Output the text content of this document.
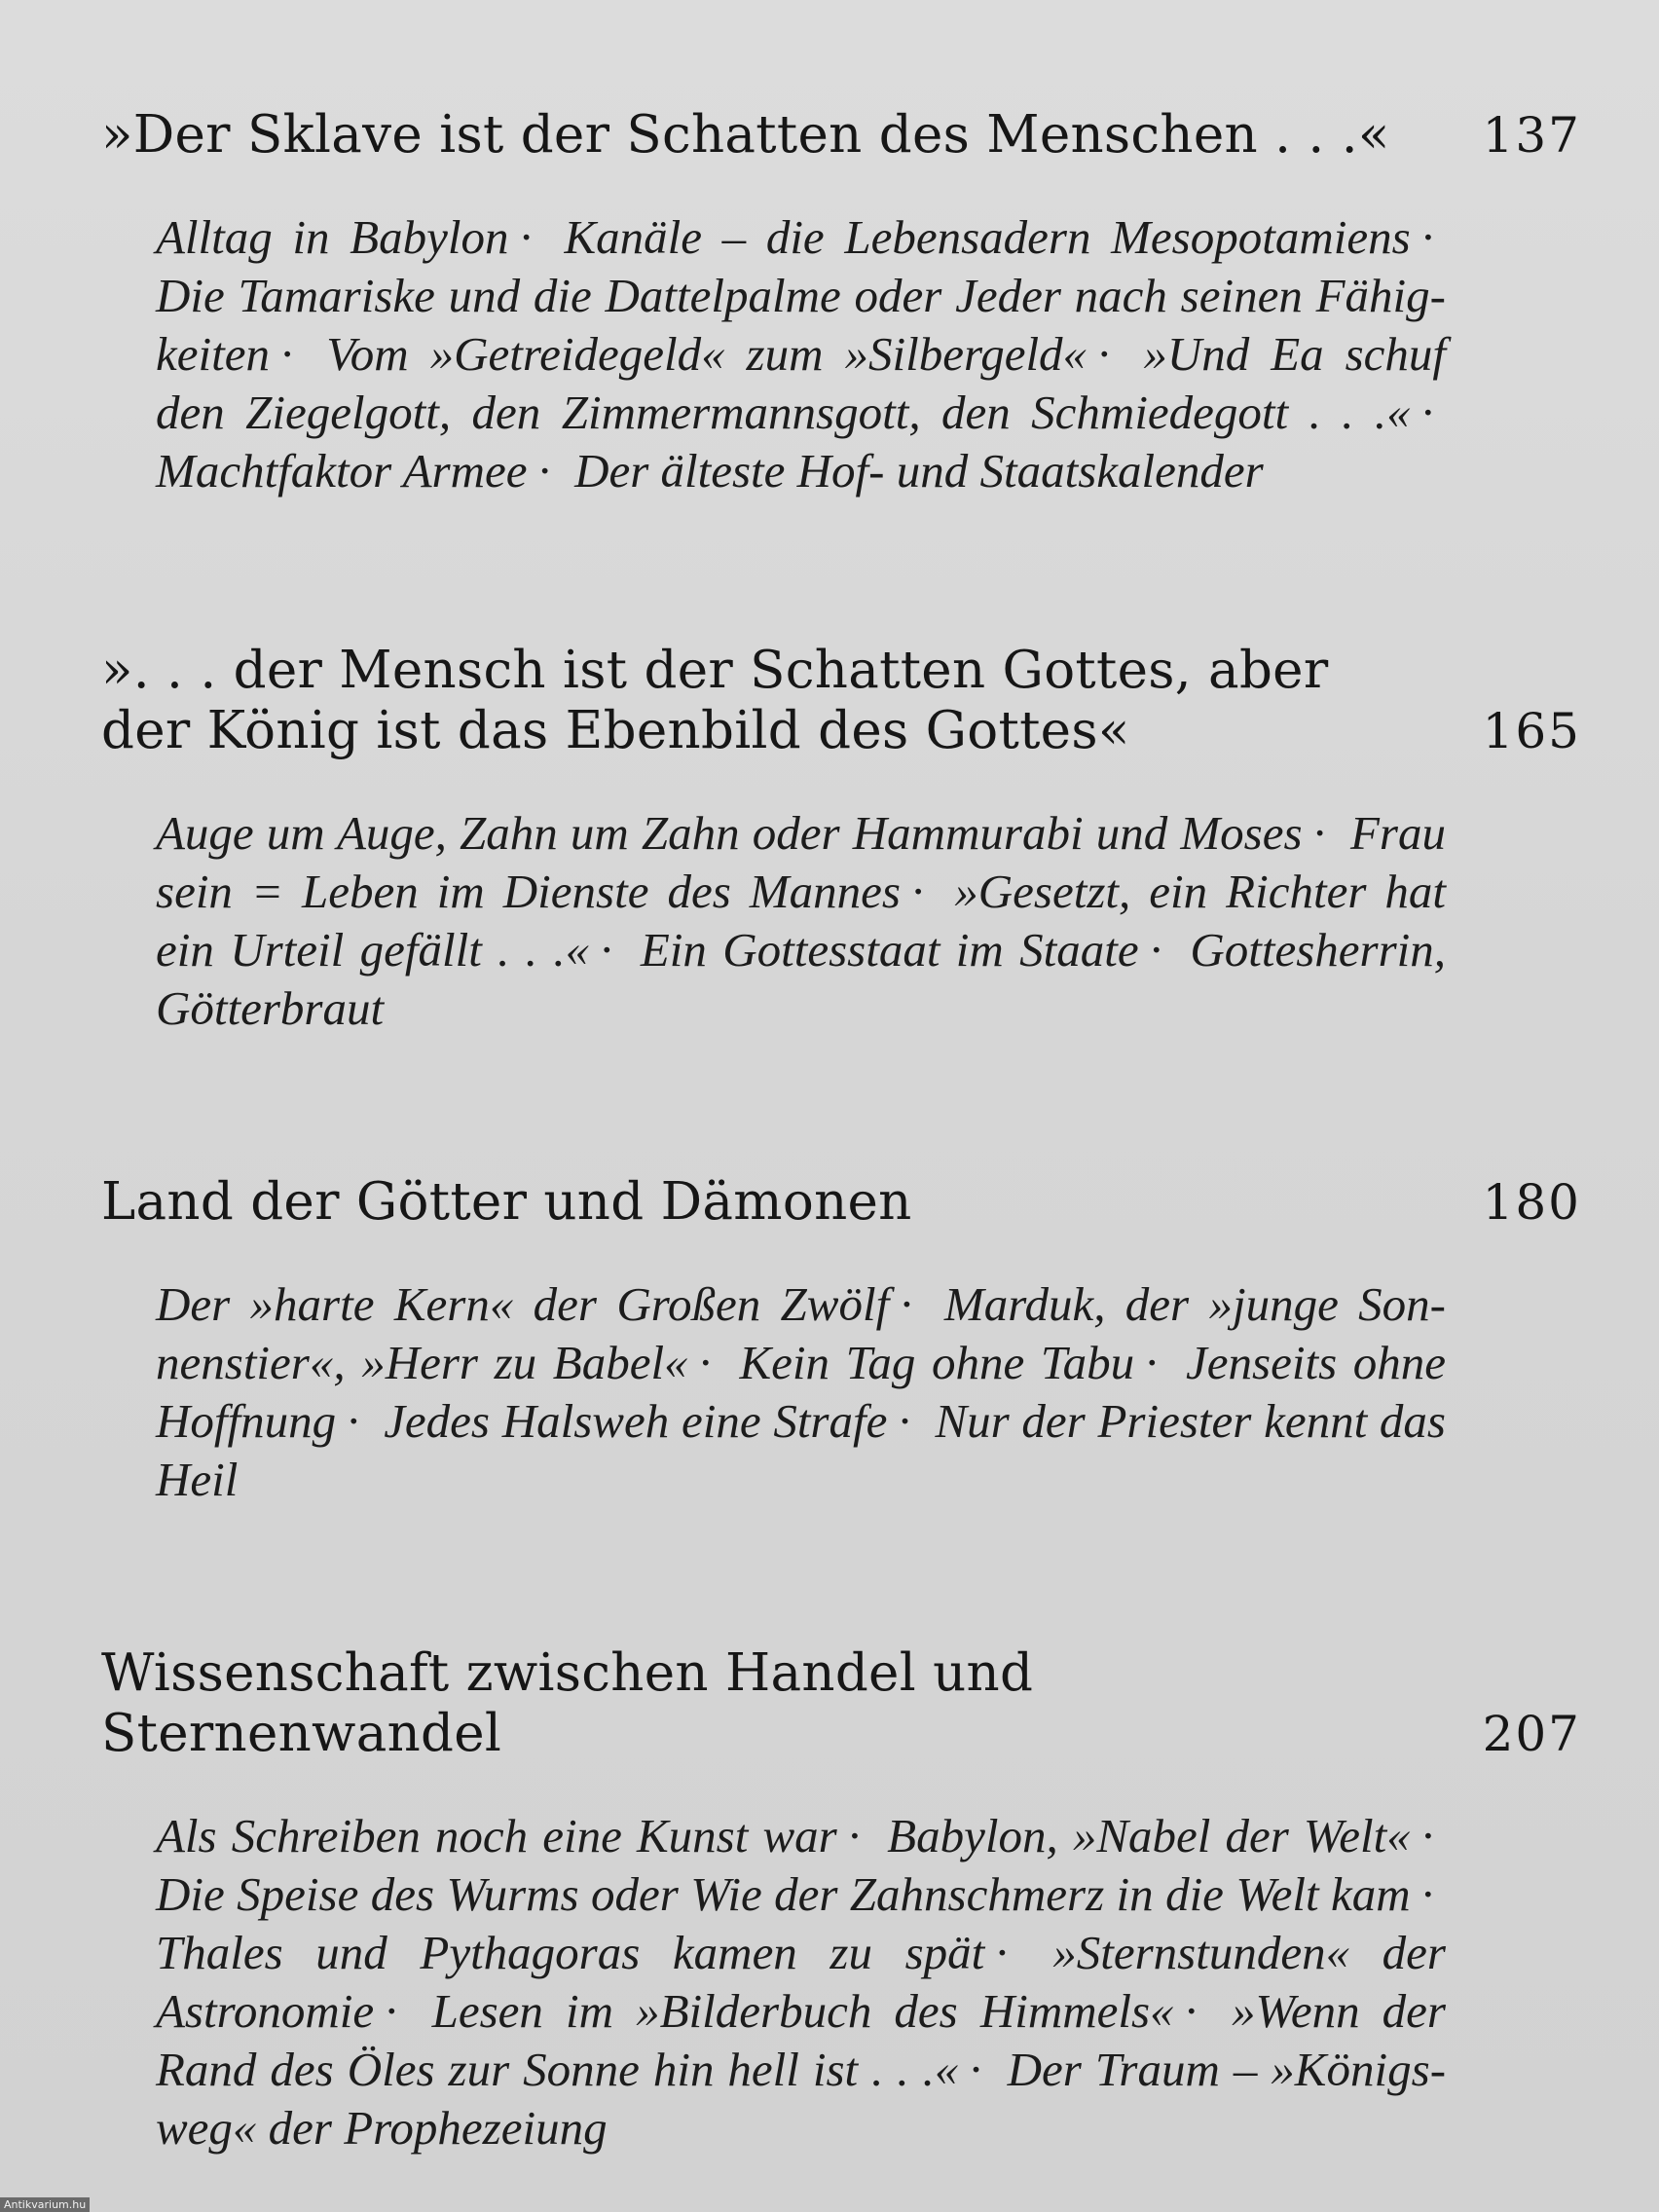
»Der Sklave ist der Schatten des Menschen . . .«	137
Alltag in Babylon · Kanäle – die Lebensadern Mesopotamiens · Die Tamariske und die Dattelpalme oder Jeder nach seinen Fähigkeiten · Vom »Getreidegeld« zum »Silbergeld« · »Und Ea schuf den Ziegelgott, den Zimmermannsgott, den Schmiedegott . . .« · Machtfaktor Armee · Der älteste Hof- und Staatskalender
». . . der Mensch ist der Schatten Gottes, aber
der König ist das Ebenbild des Gottes«	165
Auge um Auge, Zahn um Zahn oder Hammurabi und Moses · Frau sein = Leben im Dienste des Mannes · »Gesetzt, ein Richter hat ein Urteil gefällt . . .« · Ein Gottesstaat im Staate · Gottesherrin, Götterbraut
Land der Götter und Dämonen	180
Der »harte Kern« der Großen Zwölf · Marduk, der »junge Sonnenstier«, »Herr zu Babel« · Kein Tag ohne Tabu · Jenseits ohne Hoffnung · Jedes Halsweh eine Strafe · Nur der Priester kennt das Heil
Wissenschaft zwischen Handel und Sternenwandel	207
Als Schreiben noch eine Kunst war · Babylon, »Nabel der Welt« · Die Speise des Wurms oder Wie der Zahnschmerz in die Welt kam · Thales und Pythagoras kamen zu spät · »Sternstunden« der Astronomie · Lesen im »Bilderbuch des Himmels« · »Wenn der Rand des Öles zur Sonne hin hell ist . . .« · Der Traum – »Königsweg« der Prophezeiung
Antikvarium.hu
